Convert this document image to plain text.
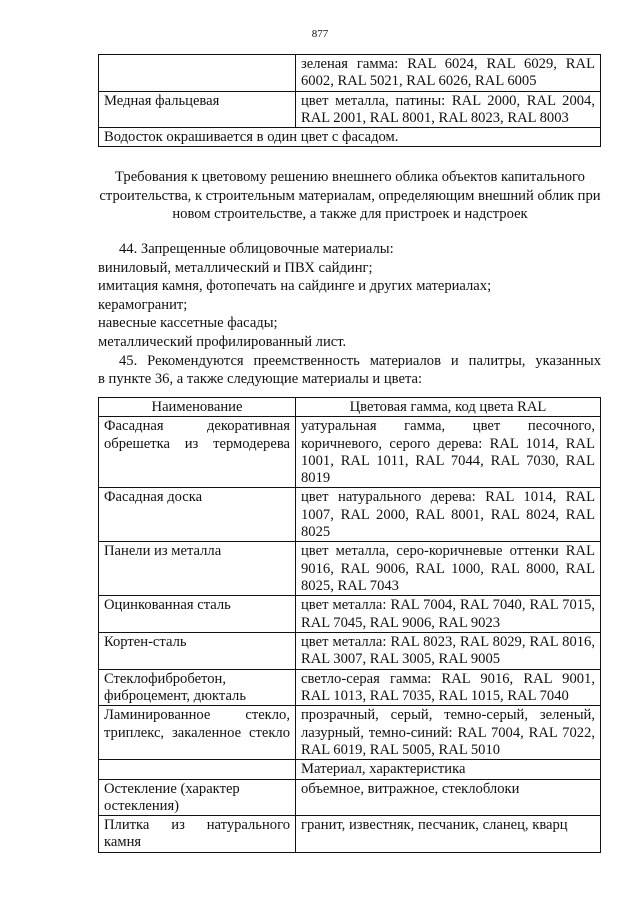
877
	зеленая гамма: RAL 6024, RAL 6029, RAL 6002, RAL 5021, RAL 6026, RAL 6005
Медная фальцевая	цвет металла, патины: RAL 2000, RAL 2004, RAL 2001, RAL 8001, RAL 8023, RAL 8003
Водосток окрашивается в один цвет с фасадом.	
Требования к цветовому решению внешнего облика объектов капитального строительства, к строительным материалам, определяющим внешний облик при новом строительстве, а также для пристроек и надстроек
44. Запрещенные облицовочные материалы:
виниловый, металлический и ПВХ сайдинг;
имитация камня, фотопечать на сайдинге и других материалах;
керамогранит;
навесные кассетные фасады;
металлический профилированный лист.
45. Рекомендуются преемственность материалов и палитры, указанных
в пункте 36, а также следующие материалы и цвета:
Наименование	Цветовая гамма, код цвета RAL
Фасадная декоративная обрешетка из термодерева	уатуральная гамма, цвет песочного, коричневого, серого дерева: RAL 1014, RAL 1001, RAL 1011, RAL 7044, RAL 7030, RAL 8019
Фасадная доска	цвет натурального дерева: RAL 1014, RAL 1007, RAL 2000, RAL 8001, RAL 8024, RAL 8025
Панели из металла	цвет металла, серо-коричневые оттенки RAL 9016, RAL 9006, RAL 1000, RAL 8000, RAL 8025, RAL 7043
Оцинкованная сталь	цвет металла: RAL 7004, RAL 7040, RAL 7015, RAL 7045, RAL 9006, RAL 9023
Кортен-сталь	цвет металла: RAL 8023, RAL 8029, RAL 8016, RAL 3007, RAL 3005, RAL 9005
Стеклофибробетон, фиброцемент, дюкталь	светло-серая гамма: RAL 9016, RAL 9001, RAL 1013, RAL 7035, RAL 1015, RAL 7040
Ламинированное стекло, триплекс, закаленное стекло	прозрачный, серый, темно-серый, зеленый, лазурный, темно-синий: RAL 7004, RAL 7022, RAL 6019, RAL 5005, RAL 5010
	Материал, характеристика
Остекление (характер остекления)	объемное, витражное, стеклоблоки
Плитка из натурального камня	гранит, известняк, песчаник, сланец, кварц
